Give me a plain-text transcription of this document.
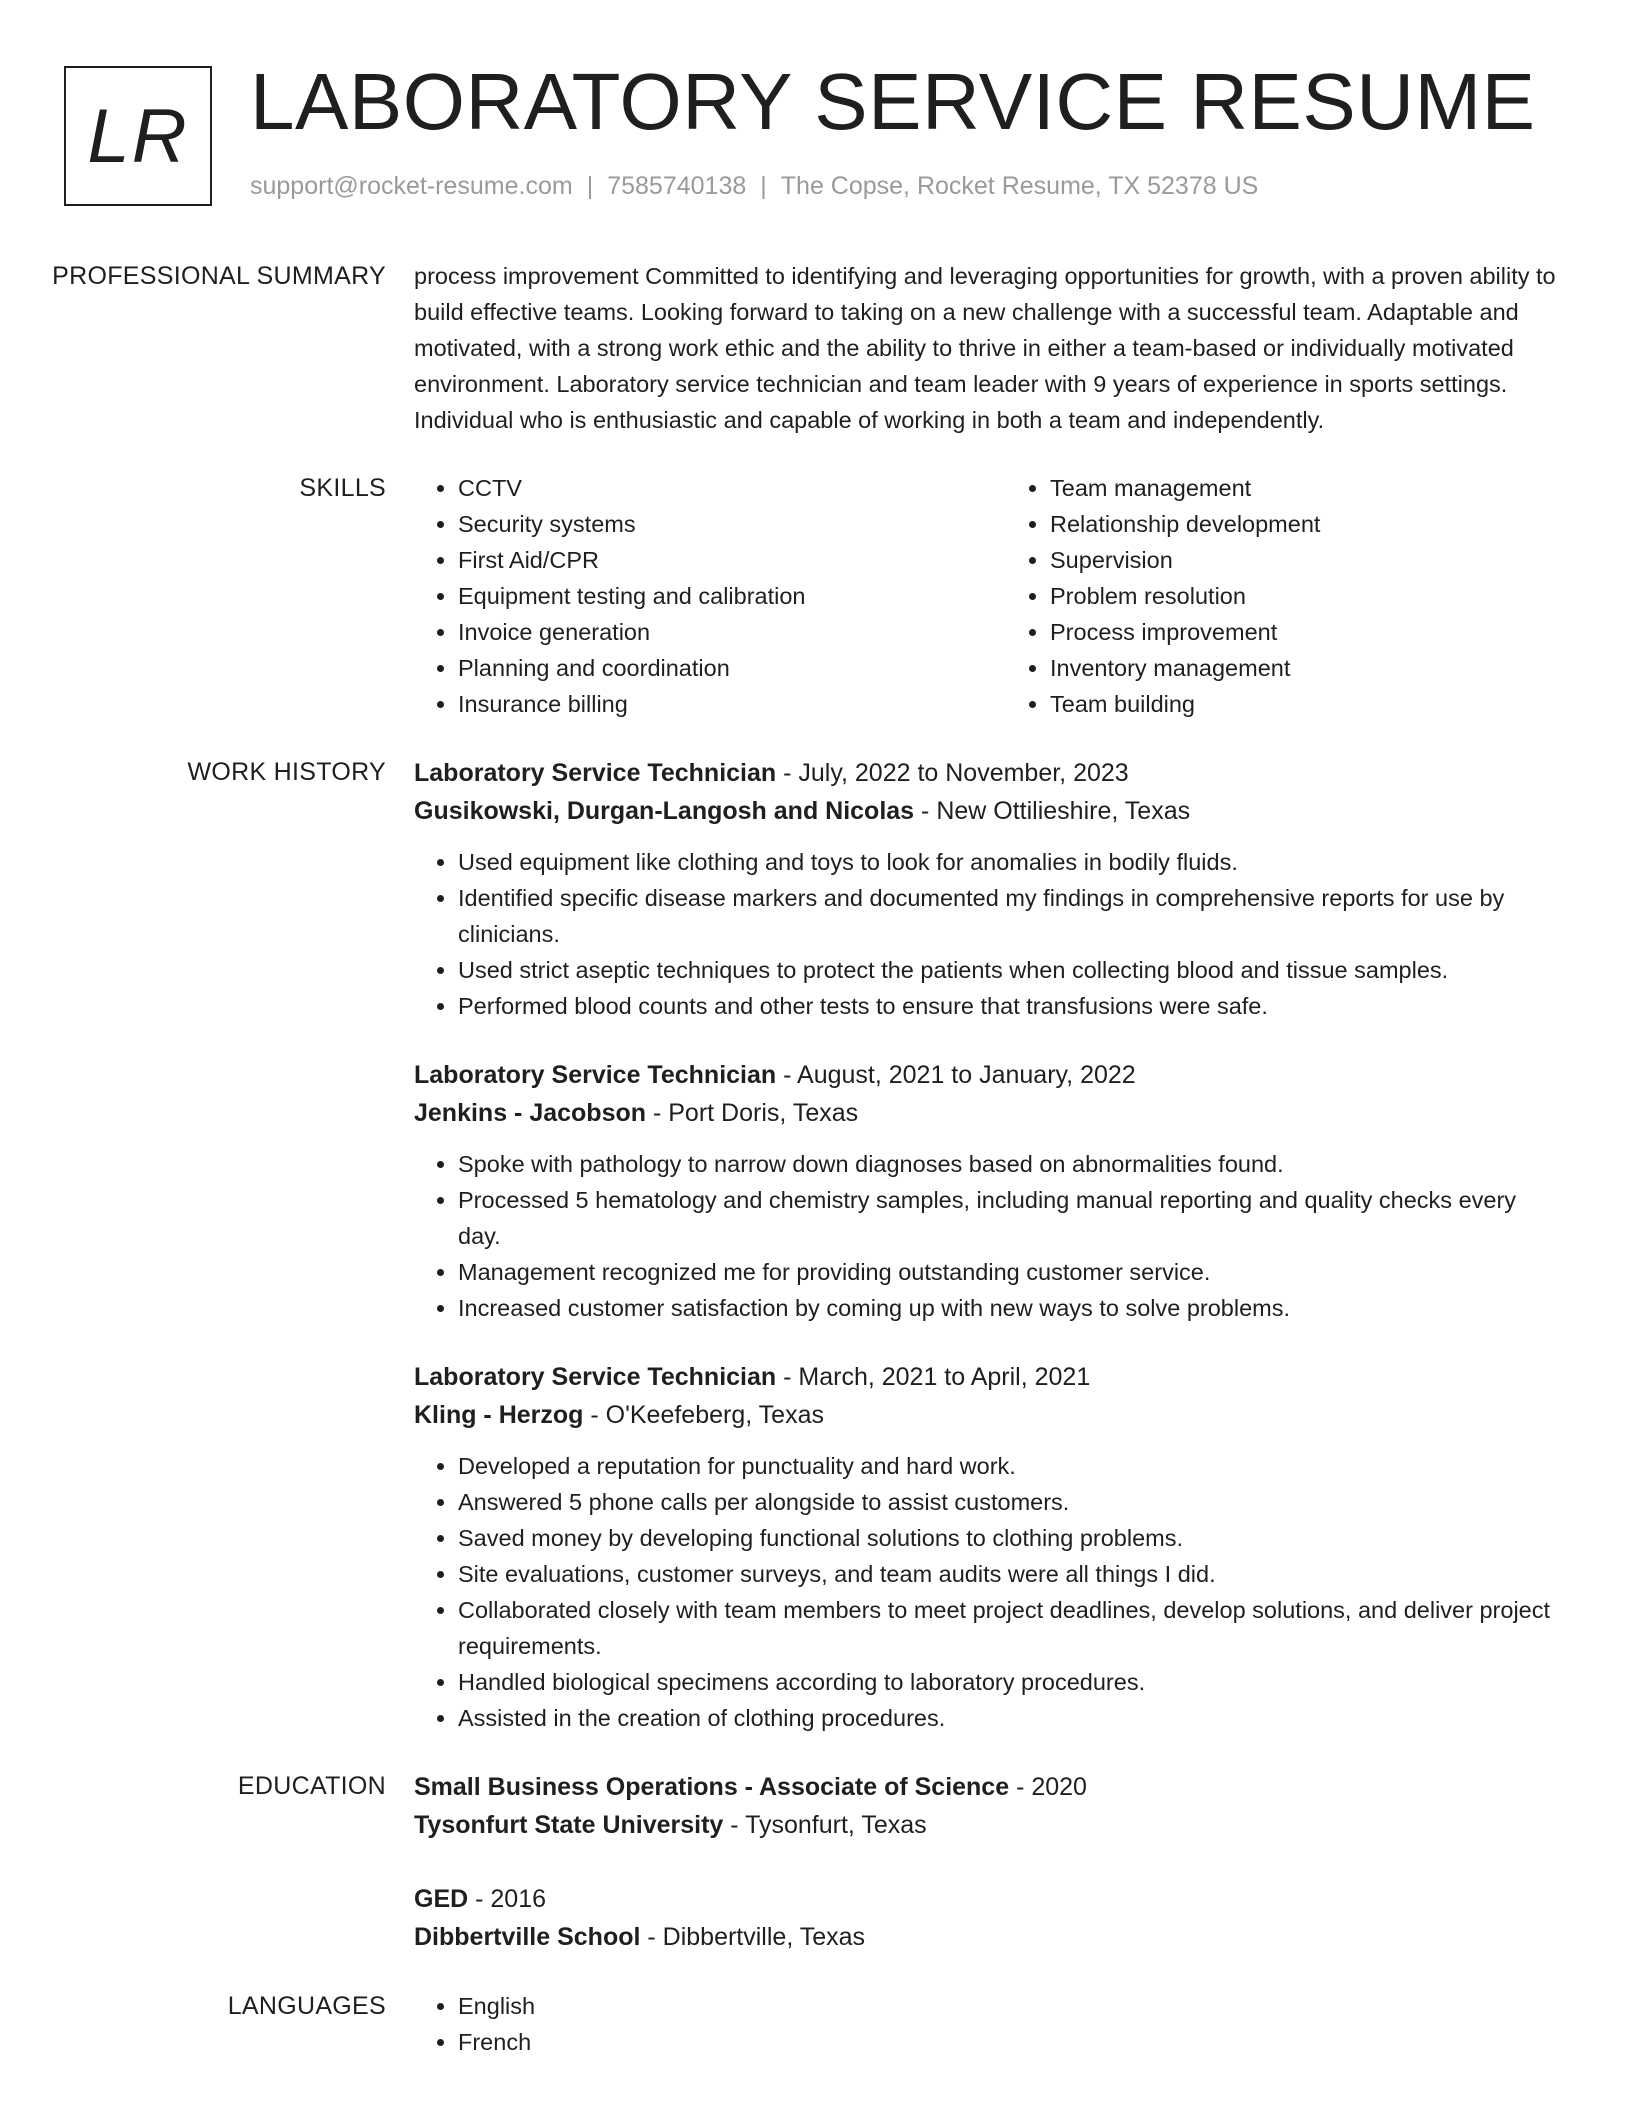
LR LABORATORY SERVICE RESUME
support@rocket-resume.com | 7585740138 | The Copse, Rocket Resume, TX 52378 US
PROFESSIONAL SUMMARY	process improvement Committed to identifying and leveraging opportunities for growth, with a proven ability to build effective teams. Looking forward to taking on a new challenge with a successful team. Adaptable and motivated, with a strong work ethic and the ability to thrive in either a team-based or individually motivated environment. Laboratory service technician and team leader with 9 years of experience in sports settings. Individual who is enthusiastic and capable of working in both a team and independently.

SKILLS	• CCTV
• Security systems
• First Aid/CPR
• Equipment testing and calibration
• Invoice generation
• Planning and coordination
• Insurance billing
• Team management
• Relationship development
• Supervision
• Problem resolution
• Process improvement
• Inventory management
• Team building
WORK HISTORY	Laboratory Service Technician - July, 2022 to November, 2023
Gusikowski, Durgan-Langosh and Nicolas - New Ottilieshire, Texas
• Used equipment like clothing and toys to look for anomalies in bodily fluids.
• Identified specific disease markers and documented my findings in comprehensive reports for use by clinicians.
• Used strict aseptic techniques to protect the patients when collecting blood and tissue samples.
• Performed blood counts and other tests to ensure that transfusions were safe.
Laboratory Service Technician - August, 2021 to January, 2022
Jenkins - Jacobson - Port Doris, Texas
• Spoke with pathology to narrow down diagnoses based on abnormalities found.
• Processed 5 hematology and chemistry samples, including manual reporting and quality checks every day.
• Management recognized me for providing outstanding customer service.
• Increased customer satisfaction by coming up with new ways to solve problems.
Laboratory Service Technician - March, 2021 to April, 2021
Kling - Herzog - O'Keefeberg, Texas
• Developed a reputation for punctuality and hard work.
• Answered 5 phone calls per alongside to assist customers.
• Saved money by developing functional solutions to clothing problems.
• Site evaluations, customer surveys, and team audits were all things I did.
• Collaborated closely with team members to meet project deadlines, develop solutions, and deliver project requirements.
• Handled biological specimens according to laboratory procedures.
• Assisted in the creation of clothing procedures.
EDUCATION	Small Business Operations - Associate of Science - 2020
Tysonfurt State University - Tysonfurt, Texas
GED - 2016
Dibbertville School - Dibbertville, Texas
LANGUAGES	• English
• French
